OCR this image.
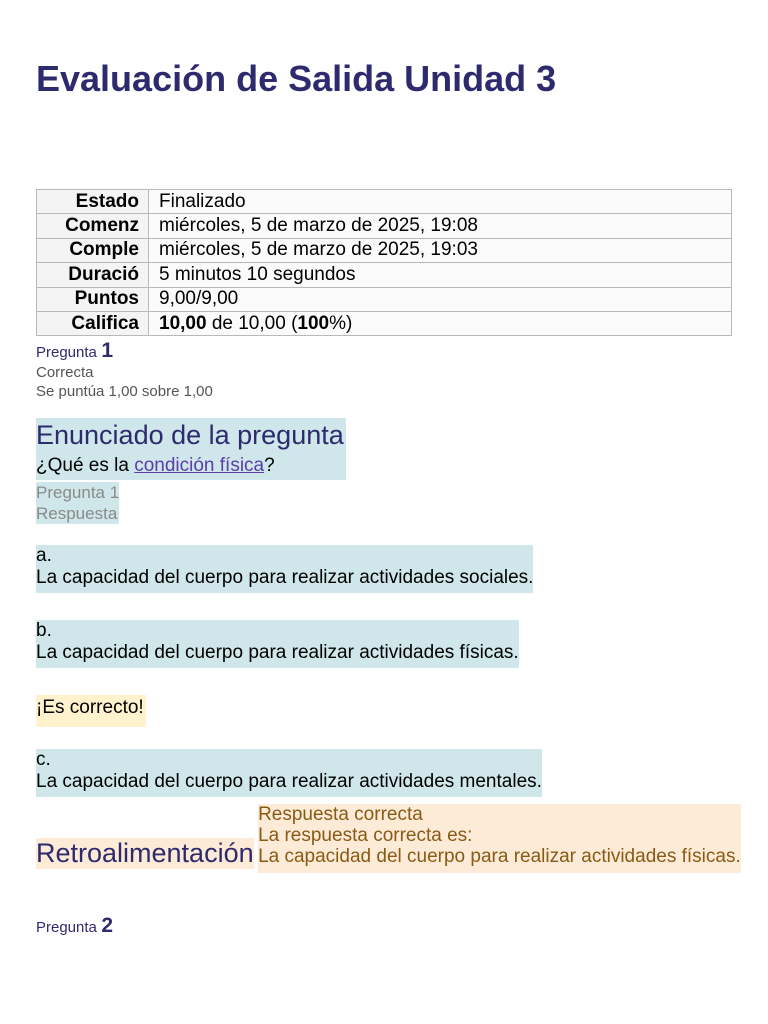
Evaluación de Salida Unidad 3
Estado	Finalizado

Comenz	miércoles, 5 de marzo de 2025, 19:08

Comple	miércoles, 5 de marzo de 2025, 19:03

Duració	5 minutos 10 segundos

Puntos	9,00/9,00

Califica	10,00 de 10,00 (100%)
Pregunta 1
Correcta
Se puntúa 1,00 sobre 1,00
Enunciado de la pregunta
¿Qué es la condición física?
Pregunta 1
Respuesta
a.
La capacidad del cuerpo para realizar actividades sociales.
b.
La capacidad del cuerpo para realizar actividades físicas.
¡Es correcto!
c.
La capacidad del cuerpo para realizar actividades mentales.
Retroalimentación
Respuesta correcta
La respuesta correcta es:
La capacidad del cuerpo para realizar actividades físicas.
Pregunta 2
